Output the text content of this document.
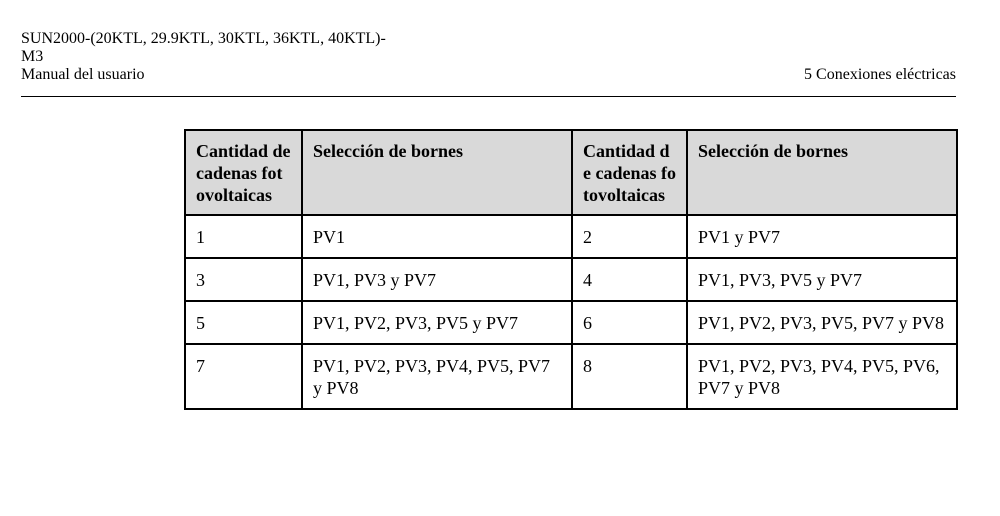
SUN2000-(20KTL, 29.9KTL, 30KTL, 36KTL, 40KTL)-
M3
Manual del usuario	5 Conexiones eléctricas
Cantidad de cadenas fotovoltaicas	Selección de bornes	Cantidad de cadenas fotovoltaicas	Selección de bornes
1	PV1	2	PV1 y PV7
3	PV1, PV3 y PV7	4	PV1, PV3, PV5 y PV7
5	PV1, PV2, PV3, PV5 y PV7	6	PV1, PV2, PV3, PV5, PV7 y PV8
7	PV1, PV2, PV3, PV4, PV5, PV7 y PV8	8	PV1, PV2, PV3, PV4, PV5, PV6, PV7 y PV8
